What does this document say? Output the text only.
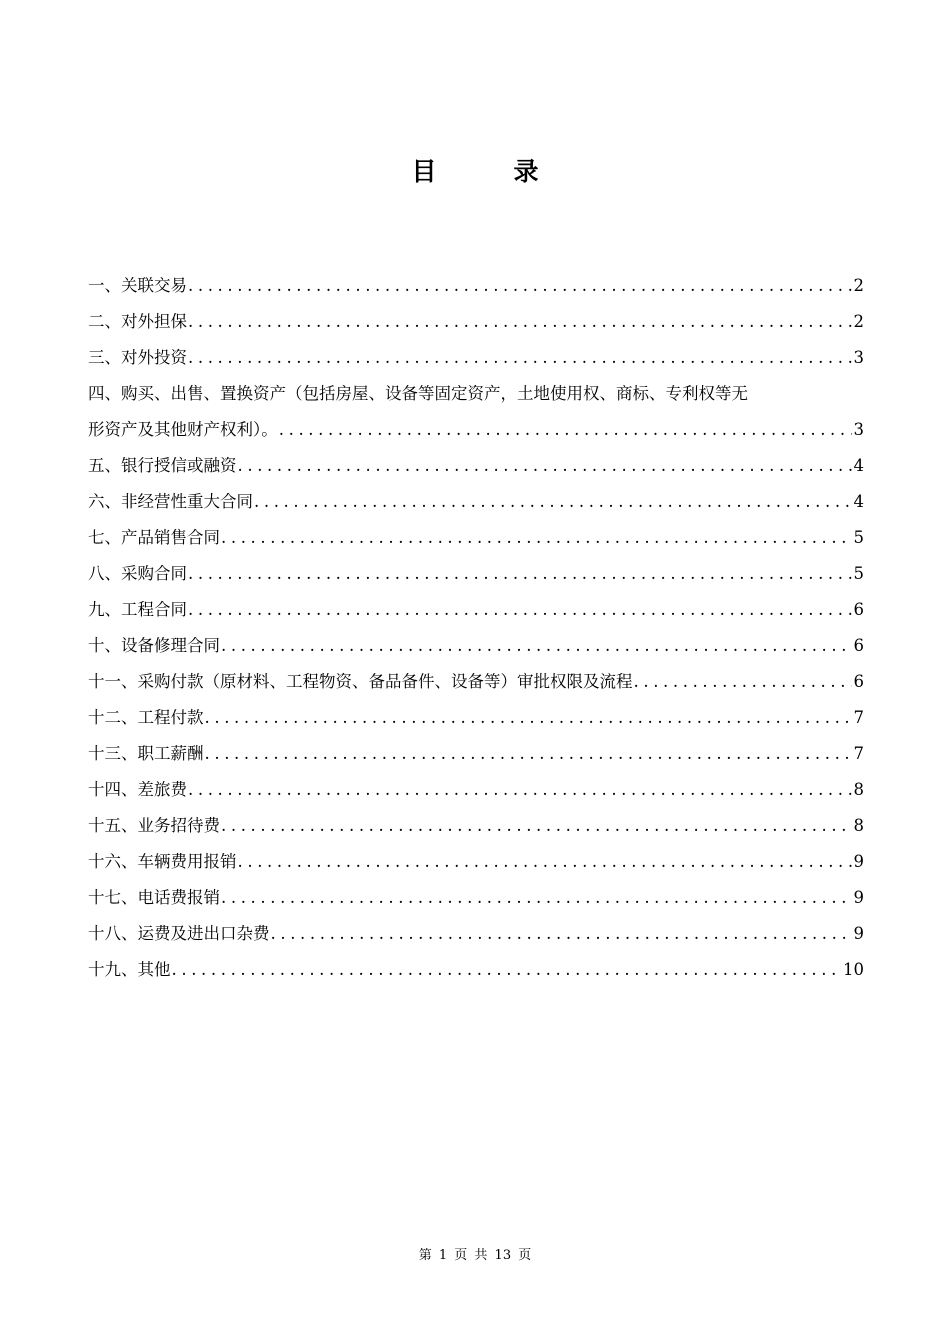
目　录
一、关联交易 .....	2
二、对外担保 .....	2
三、对外投资 .....	3
四、购买、出售、置换资产（包括房屋、设备等固定资产，土地使用权、商标、专利权等无
形资产及其他财产权利）。 .....	3
五、银行授信或融资 .....	4
六、非经营性重大合同 .....	4
七、产品销售合同 .....	5
八、采购合同 .....	5
九、工程合同 .....	6
十、设备修理合同 .....	6
十一、采购付款（原材料、工程物资、备品备件、设备等）审批权限及流程 .....	6
十二、工程付款 .....	7
十三、职工薪酬 .....	7
十四、差旅费 .....	8
十五、业务招待费 .....	8
十六、车辆费用报销 .....	9
十七、电话费报销 .....	9
十八、运费及进出口杂费 .....	9
十九、其他 .....	10
第 1 页 共 13 页
